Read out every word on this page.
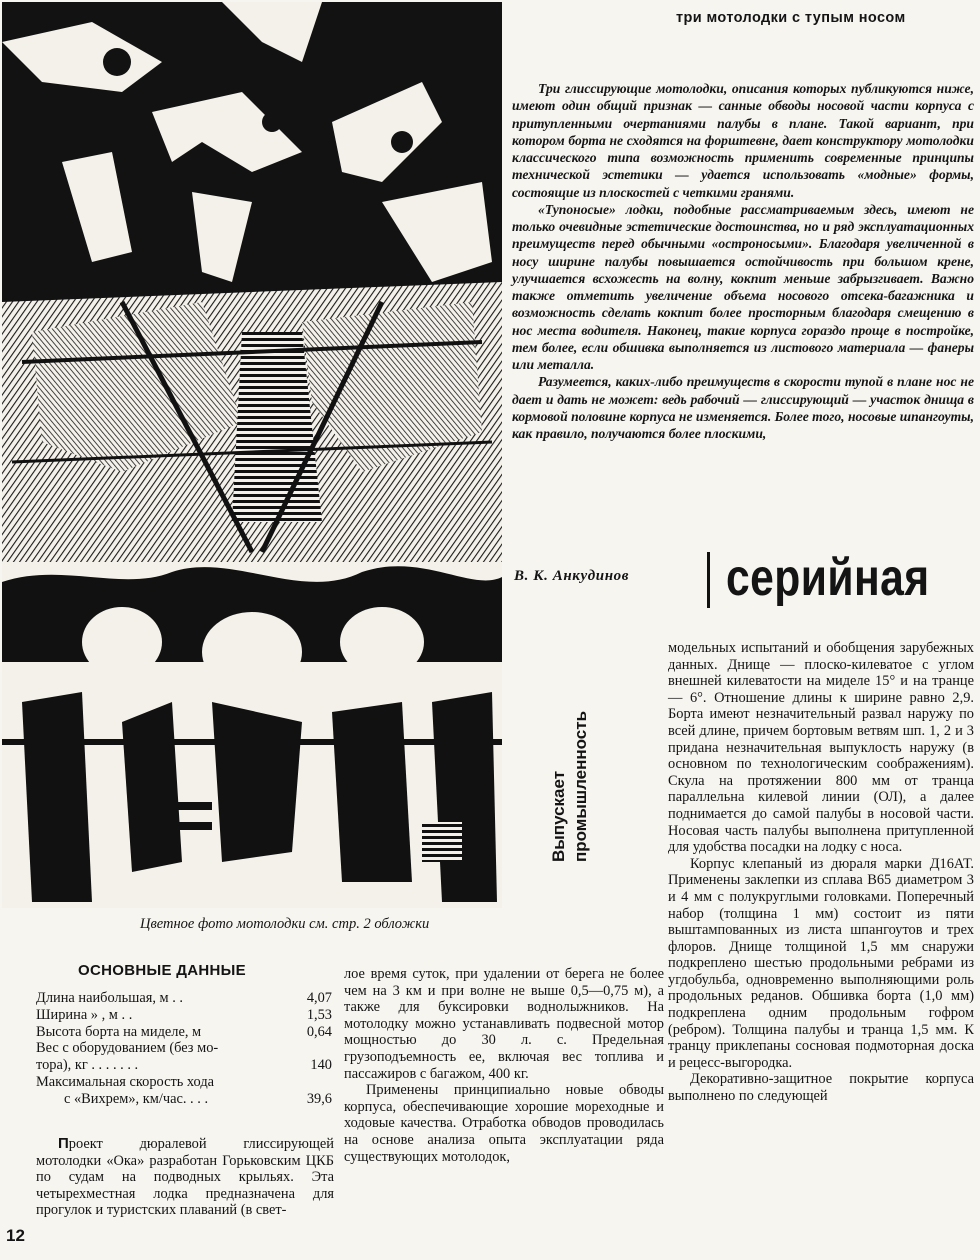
три мотолодки с тупым носом
Цветное фото мотолодки см. стр. 2 обложки

Три глиссирующие мотолодки, описания которых публикуются ниже, имеют один общий признак — санные обводы носовой части корпуса с притупленными очертаниями палубы в плане. Такой вариант, при котором борта не сходятся на форштевне, дает конструктору мотолодки классического типа возможность применить современные принципы технической эстетики — удается использовать «модные» формы, состоящие из плоскостей с четкими гранями.

«Тупоносые» лодки, подобные рассматриваемым здесь, имеют не только очевидные эстетические достоинства, но и ряд эксплуатационных преимуществ перед обычными «остроносыми». Благодаря увеличенной в носу ширине палубы повышается остойчивость при большом крене, улучшается всхожесть на волну, кокпит меньше забрызгивает. Важно также отметить увеличение объема носового отсека-багажника и возможность сделать кокпит более просторным благодаря смещению в нос места водителя. Наконец, такие корпуса гораздо проще в постройке, тем более, если обшивка выполняется из листового материала — фанеры или металла.

Разумеется, каких-либо преимуществ в скорости тупой в плане нос не дает и дать не может: ведь рабочий — глиссирующий — участок днища в кормовой половине корпуса не изменяется. Более того, носовые шпангоуты, как правило, получаются более плоскими,

В. К. Анкудинов серийная
Выпускает промышленность

модельных испытаний и обобщения зарубежных данных. Днище — плоско-килеватое с углом внешней килеватости на миделе 15° и на транце — 6°. Отношение длины к ширине равно 2,9. Борта имеют незначительный развал наружу по всей длине, причем бортовым ветвям шп. 1, 2 и 3 придана незначительная выпуклость наружу (в основном по технологическим соображениям). Скула на протяжении 800 мм от транца параллельна килевой линии (ОЛ), а далее поднимается до самой палубы в носовой части. Носовая часть палубы выполнена притупленной для удобства посадки на лодку с носа.

Корпус клепаный из дюраля марки Д16АТ. Применены заклепки из сплава В65 диаметром 3 и 4 мм с полукруглыми головками. Поперечный набор (толщина 1 мм) состоит из пяти выштампованных из листа шпангоутов и трех флоров. Днище толщиной 1,5 мм снаружи подкреплено шестью продольными ребрами из угдобульба, одновременно выполняющими роль продольных реданов. Обшивка борта (1,0 мм) подкреплена одним продольным гофром (ребром). Толщина палубы и транца 1,5 мм. К транцу приклепаны сосновая подмоторная доска и рецесс-выгородка.

Декоративно-защитное покрытие корпуса выполнено по следующей

лое время суток, при удалении от берега не более чем на 3 км и при волне не выше 0,5—0,75 м), а также для буксировки воднолыжников. На мотолодку можно устанавливать подвесной мотор мощностью до 30 л. с. Предельная грузоподъемность ее, включая вес топлива и пассажиров с багажом, 400 кг.

Применены принципиально новые обводы корпуса, обеспечивающие хорошие мореходные и ходовые качества. Отработка обводов проводилась на основе анализа опыта эксплуатации ряда существующих мотолодок,

ОСНОВНЫЕ ДАННЫЕ
Длина наибольшая, м . .	4,07
Ширина » , м . .	1,53
Высота борта на миделе, м	0,64
Вес с оборудованием (без мо-
тора), кг . . . . . . .	140
Максимальная скорость хода
с «Вихрем», км/час. . . .	39,6

Проект дюралевой глиссирующей мотолодки «Ока» разработан Горьковским ЦКБ по судам на подводных крыльях. Эта четырехместная лодка предназначена для прогулок и туристских плаваний (в свет-

12
